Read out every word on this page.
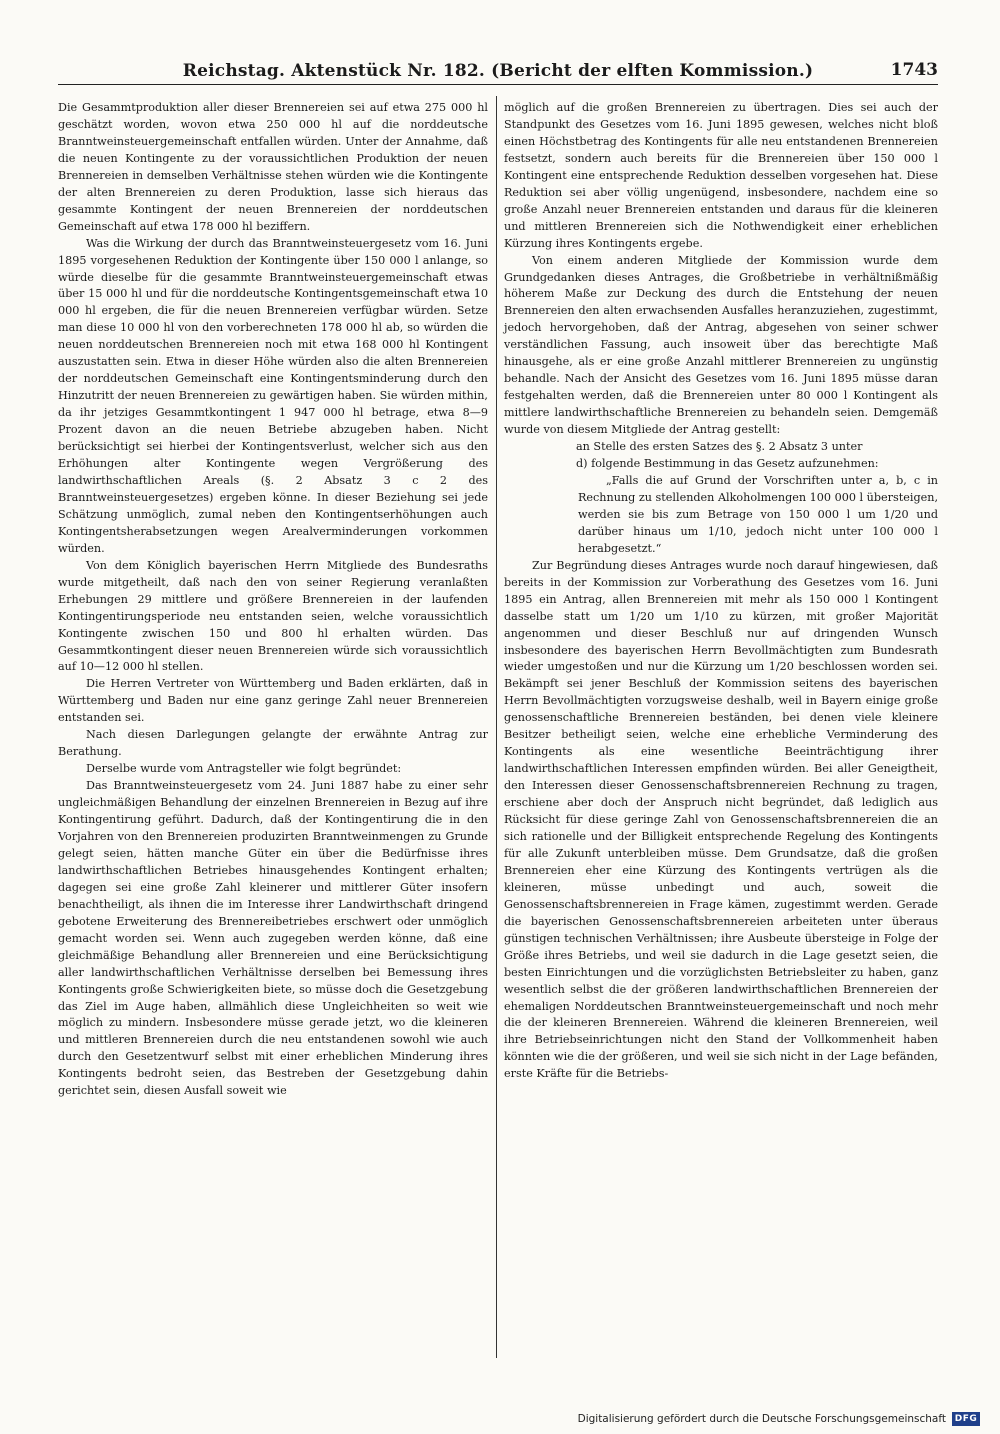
Reichstag. Aktenstück Nr. 182. (Bericht der elften Kommission.)	1743

Die Gesammtproduktion aller dieser Brennereien sei auf etwa 275 000 hl geschätzt worden, wovon etwa 250 000 hl auf die norddeutsche Branntweinsteuergemeinschaft entfallen würden. Unter der Annahme, daß die neuen Kontingente zu der voraussichtlichen Produktion der neuen Brennereien in demselben Verhältnisse stehen würden wie die Kontingente der alten Brennereien zu deren Produktion, lasse sich hieraus das gesammte Kontingent der neuen Brennereien der norddeutschen Gemeinschaft auf etwa 178 000 hl beziffern.

Was die Wirkung der durch das Branntweinsteuergesetz vom 16. Juni 1895 vorgesehenen Reduktion der Kontingente über 150 000 l anlange, so würde dieselbe für die gesammte Branntweinsteuergemeinschaft etwas über 15 000 hl und für die norddeutsche Kontingentsgemeinschaft etwa 10 000 hl ergeben, die für die neuen Brennereien verfügbar würden. Setze man diese 10 000 hl von den vorberechneten 178 000 hl ab, so würden die neuen norddeutschen Brennereien noch mit etwa 168 000 hl Kontingent auszustatten sein. Etwa in dieser Höhe würden also die alten Brennereien der norddeutschen Gemeinschaft eine Kontingentsminderung durch den Hinzutritt der neuen Brennereien zu gewärtigen haben. Sie würden mithin, da ihr jetziges Gesammtkontingent 1 947 000 hl betrage, etwa 8—9 Prozent davon an die neuen Betriebe abzugeben haben. Nicht berücksichtigt sei hierbei der Kontingentsverlust, welcher sich aus den Erhöhungen alter Kontingente wegen Vergrößerung des landwirthschaftlichen Areals (§. 2 Absatz 3 c 2 des Branntweinsteuergesetzes) ergeben könne. In dieser Beziehung sei jede Schätzung unmöglich, zumal neben den Kontingentserhöhungen auch Kontingentsherabsetzungen wegen Arealverminderungen vorkommen würden.

Von dem Königlich bayerischen Herrn Mitgliede des Bundesraths wurde mitgetheilt, daß nach den von seiner Regierung veranlaßten Erhebungen 29 mittlere und größere Brennereien in der laufenden Kontingentirungsperiode neu entstanden seien, welche voraussichtlich Kontingente zwischen 150 und 800 hl erhalten würden. Das Gesammtkontingent dieser neuen Brennereien würde sich voraussichtlich auf 10—12 000 hl stellen.

Die Herren Vertreter von Württemberg und Baden erklärten, daß in Württemberg und Baden nur eine ganz geringe Zahl neuer Brennereien entstanden sei.

Nach diesen Darlegungen gelangte der erwähnte Antrag zur Berathung.

Derselbe wurde vom Antragsteller wie folgt begründet:

Das Branntweinsteuergesetz vom 24. Juni 1887 habe zu einer sehr ungleichmäßigen Behandlung der einzelnen Brennereien in Bezug auf ihre Kontingentirung geführt. Dadurch, daß der Kontingentirung die in den Vorjahren von den Brennereien produzirten Branntweinmengen zu Grunde gelegt seien, hätten manche Güter ein über die Bedürfnisse ihres landwirthschaftlichen Betriebes hinausgehendes Kontingent erhalten; dagegen sei eine große Zahl kleinerer und mittlerer Güter insofern benachtheiligt, als ihnen die im Interesse ihrer Landwirthschaft dringend gebotene Erweiterung des Brennereibetriebes erschwert oder unmöglich gemacht worden sei. Wenn auch zugegeben werden könne, daß eine gleichmäßige Behandlung aller Brennereien und eine Berücksichtigung aller landwirthschaftlichen Verhältnisse derselben bei Bemessung ihres Kontingents große Schwierigkeiten biete, so müsse doch die Gesetzgebung das Ziel im Auge haben, allmählich diese Ungleichheiten so weit wie möglich zu mindern. Insbesondere müsse gerade jetzt, wo die kleineren und mittleren Brennereien durch die neu entstandenen sowohl wie auch durch den Gesetzentwurf selbst mit einer erheblichen Minderung ihres Kontingents bedroht seien, das Bestreben der Gesetzgebung dahin gerichtet sein, diesen Ausfall soweit wie

möglich auf die großen Brennereien zu übertragen. Dies sei auch der Standpunkt des Gesetzes vom 16. Juni 1895 gewesen, welches nicht bloß einen Höchstbetrag des Kontingents für alle neu entstandenen Brennereien festsetzt, sondern auch bereits für die Brennereien über 150 000 l Kontingent eine entsprechende Reduktion desselben vorgesehen hat. Diese Reduktion sei aber völlig ungenügend, insbesondere, nachdem eine so große Anzahl neuer Brennereien entstanden und daraus für die kleineren und mittleren Brennereien sich die Nothwendigkeit einer erheblichen Kürzung ihres Kontingents ergebe.

Von einem anderen Mitgliede der Kommission wurde dem Grundgedanken dieses Antrages, die Großbetriebe in verhältnißmäßig höherem Maße zur Deckung des durch die Entstehung der neuen Brennereien den alten erwachsenden Ausfalles heranzuziehen, zugestimmt, jedoch hervorgehoben, daß der Antrag, abgesehen von seiner schwer verständlichen Fassung, auch insoweit über das berechtigte Maß hinausgehe, als er eine große Anzahl mittlerer Brennereien zu ungünstig behandle. Nach der Ansicht des Gesetzes vom 16. Juni 1895 müsse daran festgehalten werden, daß die Brennereien unter 80 000 l Kontingent als mittlere landwirthschaftliche Brennereien zu behandeln seien. Demgemäß wurde von diesem Mitgliede der Antrag gestellt:

an Stelle des ersten Satzes des §. 2 Absatz 3 unter

d) folgende Bestimmung in das Gesetz aufzunehmen:

„Falls die auf Grund der Vorschriften unter a, b, c in Rechnung zu stellenden Alkoholmengen 100 000 l übersteigen, werden sie bis zum Betrage von 150 000 l um 1/20 und darüber hinaus um 1/10, jedoch nicht unter 100 000 l herabgesetzt.“

Zur Begründung dieses Antrages wurde noch darauf hingewiesen, daß bereits in der Kommission zur Vorberathung des Gesetzes vom 16. Juni 1895 ein Antrag, allen Brennereien mit mehr als 150 000 l Kontingent dasselbe statt um 1/20 um 1/10 zu kürzen, mit großer Majorität angenommen und dieser Beschluß nur auf dringenden Wunsch insbesondere des bayerischen Herrn Bevollmächtigten zum Bundesrath wieder umgestoßen und nur die Kürzung um 1/20 beschlossen worden sei. Bekämpft sei jener Beschluß der Kommission seitens des bayerischen Herrn Bevollmächtigten vorzugsweise deshalb, weil in Bayern einige große genossenschaftliche Brennereien beständen, bei denen viele kleinere Besitzer betheiligt seien, welche eine erhebliche Verminderung des Kontingents als eine wesentliche Beeinträchtigung ihrer landwirthschaftlichen Interessen empfinden würden. Bei aller Geneigtheit, den Interessen dieser Genossenschaftsbrennereien Rechnung zu tragen, erschiene aber doch der Anspruch nicht begründet, daß lediglich aus Rücksicht für diese geringe Zahl von Genossenschaftsbrennereien die an sich rationelle und der Billigkeit entsprechende Regelung des Kontingents für alle Zukunft unterbleiben müsse. Dem Grundsatze, daß die großen Brennereien eher eine Kürzung des Kontingents vertrügen als die kleineren, müsse unbedingt und auch, soweit die Genossenschaftsbrennereien in Frage kämen, zugestimmt werden. Gerade die bayerischen Genossenschaftsbrennereien arbeiteten unter überaus günstigen technischen Verhältnissen; ihre Ausbeute übersteige in Folge der Größe ihres Betriebs, und weil sie dadurch in die Lage gesetzt seien, die besten Einrichtungen und die vorzüglichsten Betriebsleiter zu haben, ganz wesentlich selbst die der größeren landwirthschaftlichen Brennereien der ehemaligen Norddeutschen Branntweinsteuergemeinschaft und noch mehr die der kleineren Brennereien. Während die kleineren Brennereien, weil ihre Betriebseinrichtungen nicht den Stand der Vollkommenheit haben könnten wie die der größeren, und weil sie sich nicht in der Lage befänden, erste Kräfte für die Betriebs-

Digitalisierung gefördert durch die Deutsche Forschungsgemeinschaft DFG
